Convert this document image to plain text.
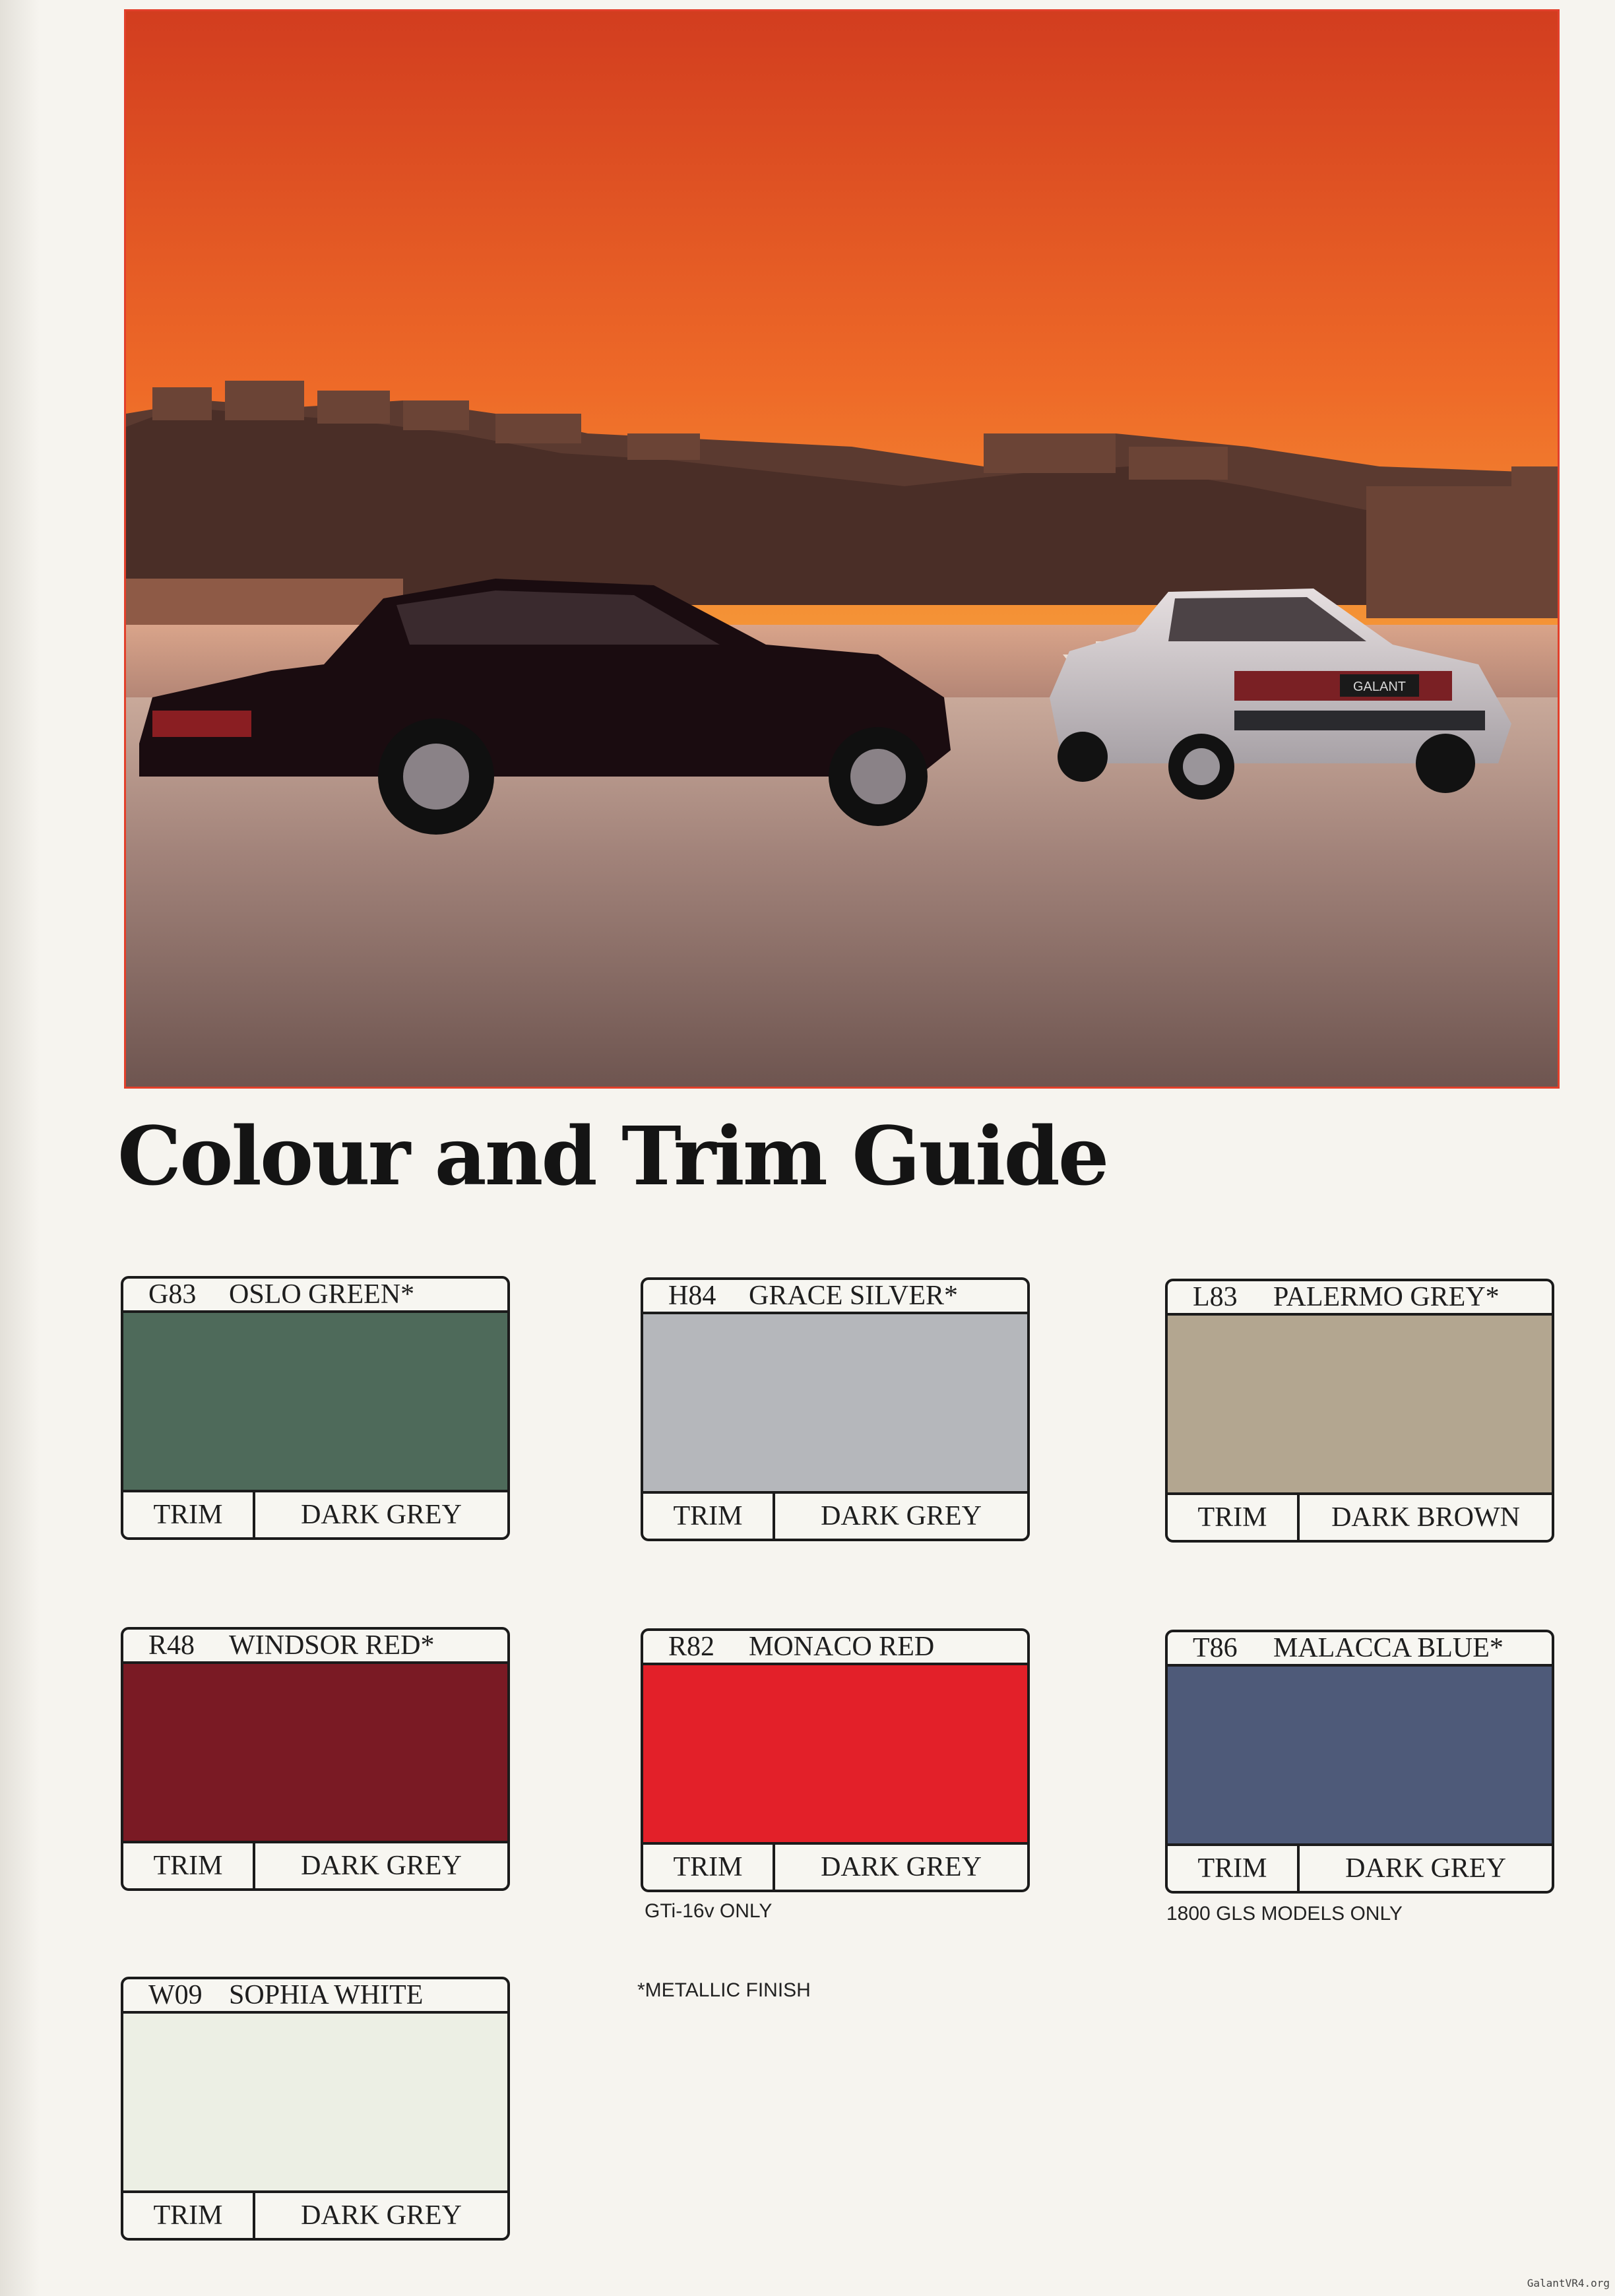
GALANT
Colour and Trim Guide
G83	OSLO GREEN*
TRIM	DARK GREY
H84	GRACE SILVER*
TRIM	DARK GREY
L83	PALERMO GREY*
TRIM	DARK BROWN
R48	WINDSOR RED*
TRIM	DARK GREY
R82	MONACO RED
TRIM	DARK GREY
T86	MALACCA BLUE*
TRIM	DARK GREY
W09 SOPHIA WHITE
TRIM	DARK GREY
GTi-16v ONLY	1800 GLS MODELS ONLY
*METALLIC FINISH
GalantVR4.org
